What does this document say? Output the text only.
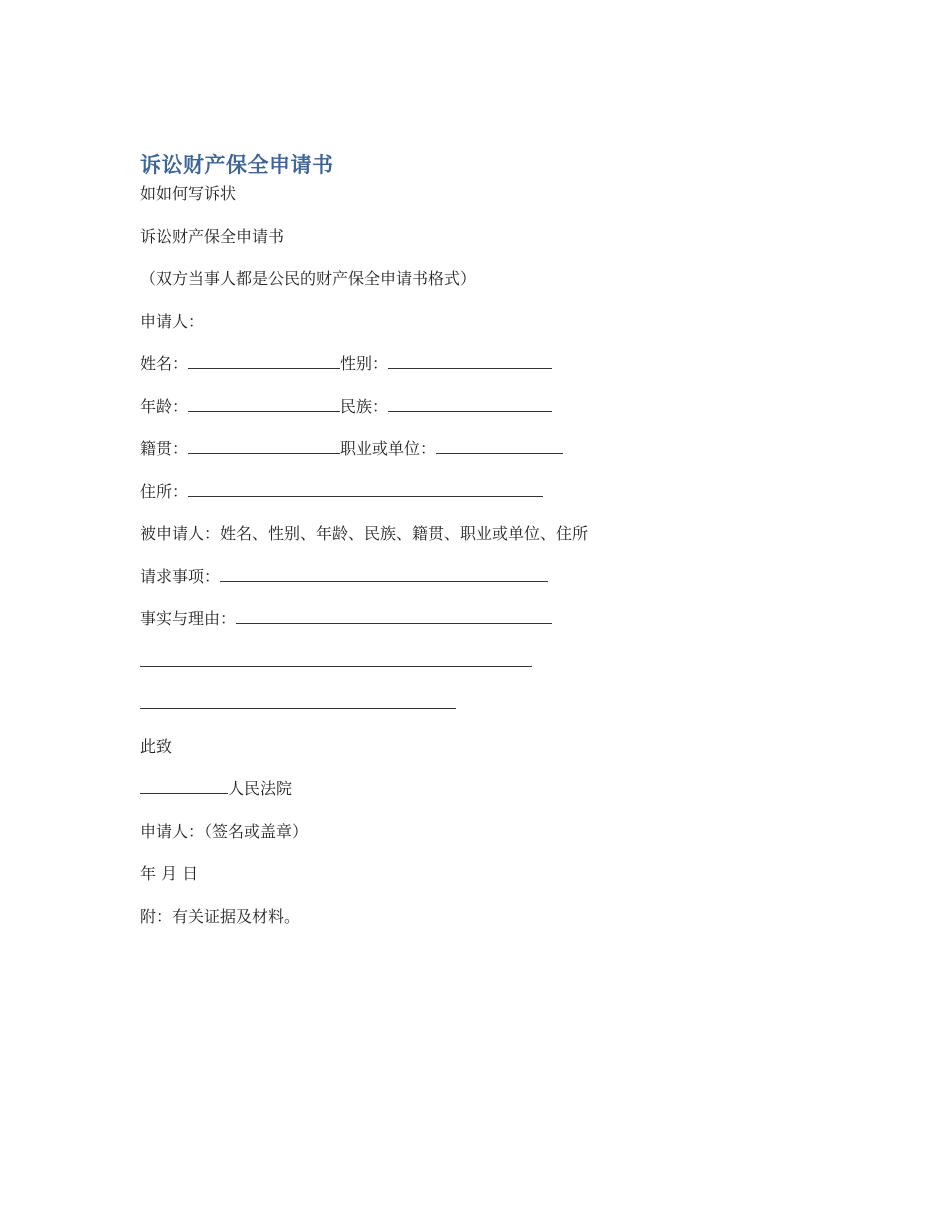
诉讼财产保全申请书
如如何写诉状
诉讼财产保全申请书
（双方当事人都是公民的财产保全申请书格式）
申请人：
姓名：	性别：
年龄：	民族：
籍贯：	职业或单位：
住所：
被申请人：姓名、性别、年龄、民族、籍贯、职业或单位、住所
请求事项：
事实与理由：
此致
人民法院
申请人：（签名或盖章）
年 月 日
附：有关证据及材料。
